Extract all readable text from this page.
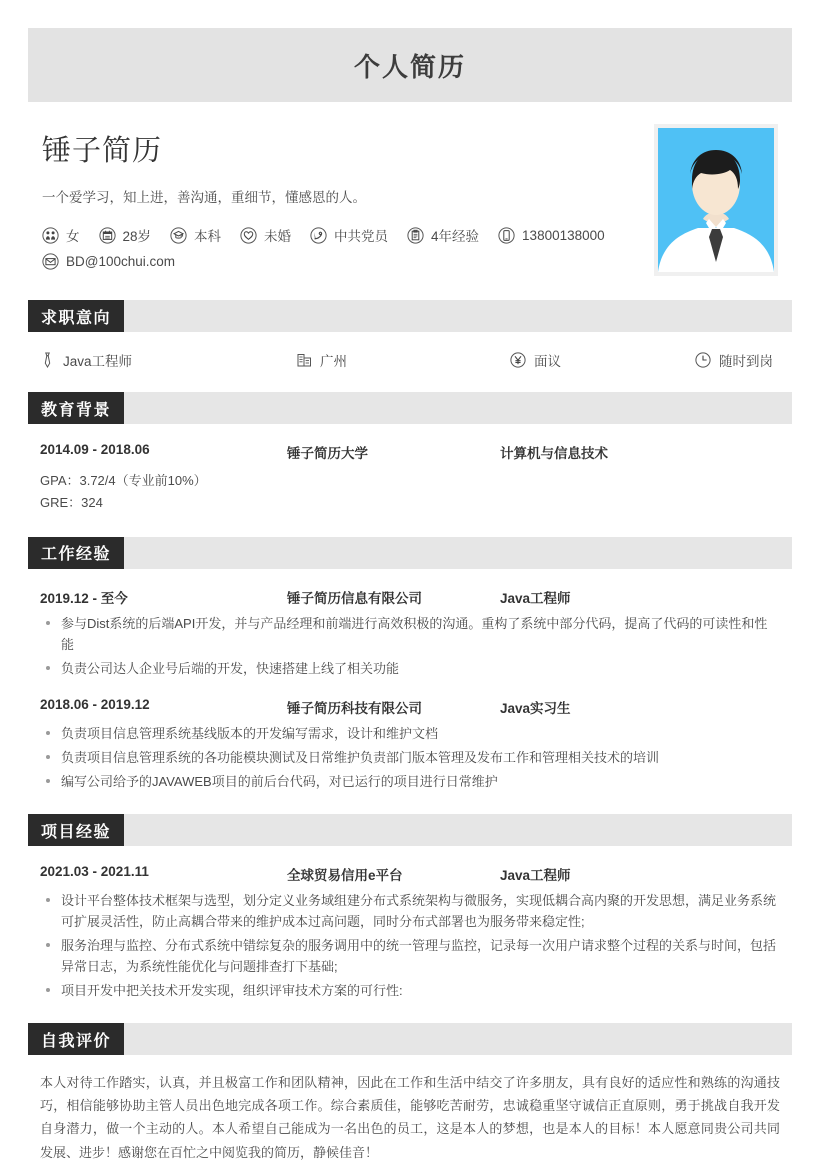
个人简历
锤子简历
一个爱学习，知上进，善沟通，重细节，懂感恩的人。
女	28岁	本科	未婚	中共党员	4年经验	13800138000
BD@100chui.com
求职意向
Java工程师	广州	面议	随时到岗
教育背景
2014.09 - 2018.06	锤子简历大学	计算机与信息技术
GPA：3.72/4（专业前10%）
GRE：324
工作经验
2019.12 - 至今	锤子简历信息有限公司	Java工程师
参与Dist系统的后端API开发，并与产品经理和前端进行高效积极的沟通。重构了系统中部分代码，提高了代码的可读性和性能
负责公司达人企业号后端的开发，快速搭建上线了相关功能
2018.06 - 2019.12	锤子简历科技有限公司	Java实习生
负责项目信息管理系统基线版本的开发编写需求，设计和维护文档
负责项目信息管理系统的各功能模块测试及日常维护负责部门版本管理及发布工作和管理相关技术的培训
编写公司给予的JAVAWEB项目的前后台代码，对已运行的项目进行日常维护
项目经验
2021.03 - 2021.11	全球贸易信用e平台	Java工程师
设计平台整体技术框架与选型，划分定义业务域组建分布式系统架构与微服务，实现低耦合高内聚的开发思想，满足业务系统可扩展灵活性，防止高耦合带来的维护成本过高问题，同时分布式部署也为服务带来稳定性;
服务治理与监控、分布式系统中错综复杂的服务调用中的统一管理与监控，记录每一次用户请求整个过程的关系与时间，包括 异常日志，为系统性能优化与问题排查打下基础;
项目开发中把关技术开发实现，组织评审技术方案的可行性:
自我评价
本人对待工作踏实，认真，并且极富工作和团队精神，因此在工作和生活中结交了许多朋友，具有良好的适应性和熟练的沟通技巧，相信能够协助主管人员出色地完成各项工作。综合素质佳，能够吃苦耐劳，忠诚稳重坚守诚信正直原则，勇于挑战自我开发自身潜力，做一个主动的人。本人希望自己能成为一名出色的员工，这是本人的梦想，也是本人的目标！本人愿意同贵公司共同发展、进步！感谢您在百忙之中阅览我的简历，静候佳音！
